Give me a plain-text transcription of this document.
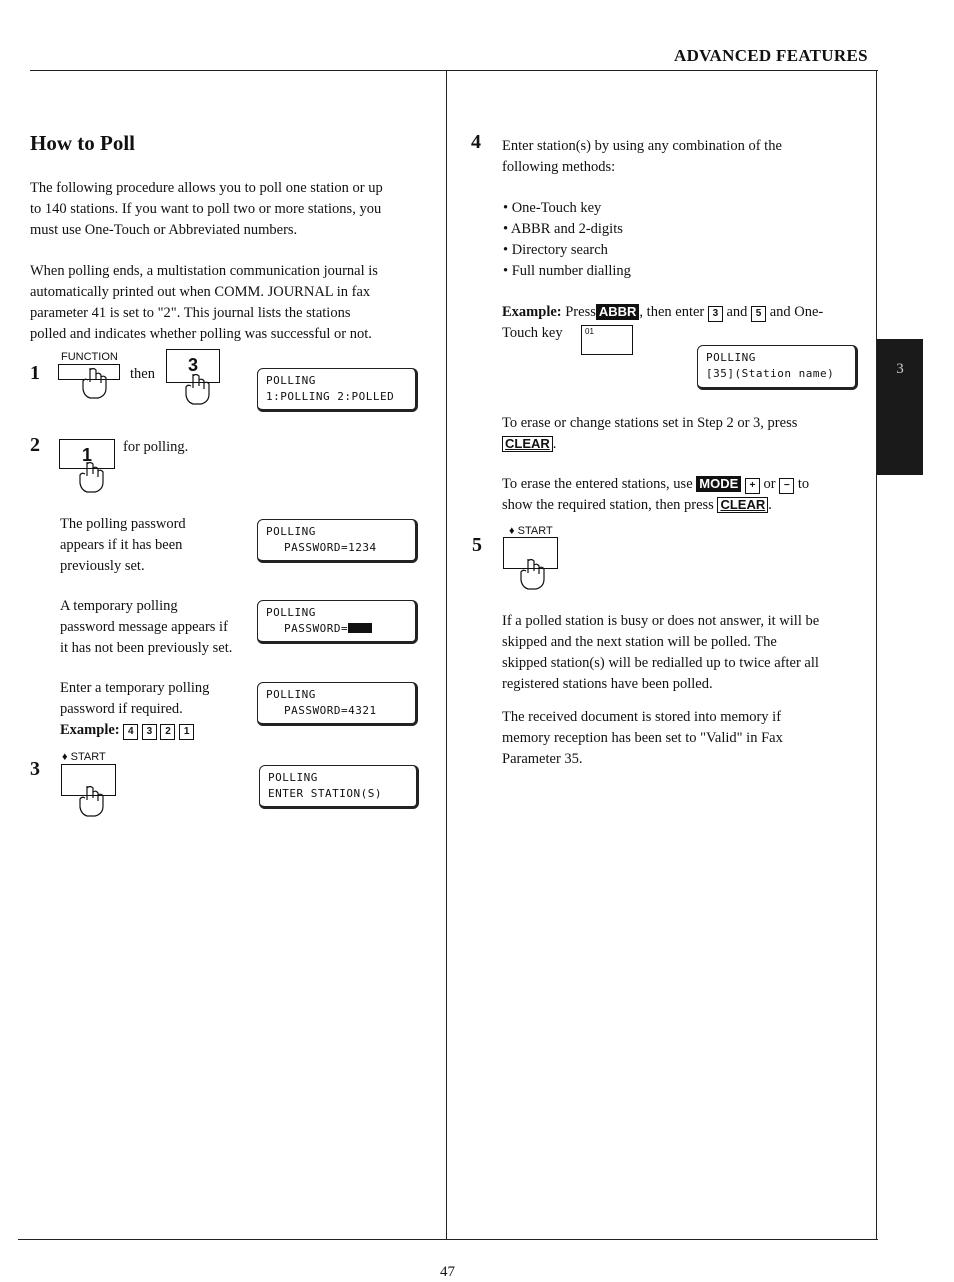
ADVANCED FEATURES
3
47
How to Poll
The following procedure allows you to poll one station or up
to 140 stations. If you want to poll two or more stations, you
must use One-Touch or Abbreviated numbers.
When polling ends, a multistation communication journal is
automatically printed out when COMM. JOURNAL in fax
parameter 41 is set to "2". This journal lists the stations
polled and indicates whether polling was successful or not.
1
FUNCTION
then	3
POLLING
1:POLLING 2:POLLED
2	1	for polling.
The polling password
appears if it has been
previously set.
POLLING
PASSWORD=1234
A temporary polling
password message appears if
it has not been previously set.
POLLING
PASSWORD=
Enter a temporary polling
password if required.
Example: 4 3 2 1
POLLING
PASSWORD=4321
3
♦ START
POLLING
ENTER STATION(S)
4 Enter station(s) by using any combination of the
following methods:
• One-Touch key
• ABBR and 2-digits
• Directory search
• Full number dialling
Example: Press ABBR , then enter 3 and 5 and One-
Touch key	01
POLLING
[35](Station name)
To erase or change stations set in Step 2 or 3, press
CLEAR .
To erase the entered stations, use MODE + or − to
show the required station, then press CLEAR .
5
♦ START
If a polled station is busy or does not answer, it will be
skipped and the next station will be polled. The
skipped station(s) will be redialled up to twice after all
registered stations have been polled.
The received document is stored into memory if
memory reception has been set to "Valid" in Fax
Parameter 35.
